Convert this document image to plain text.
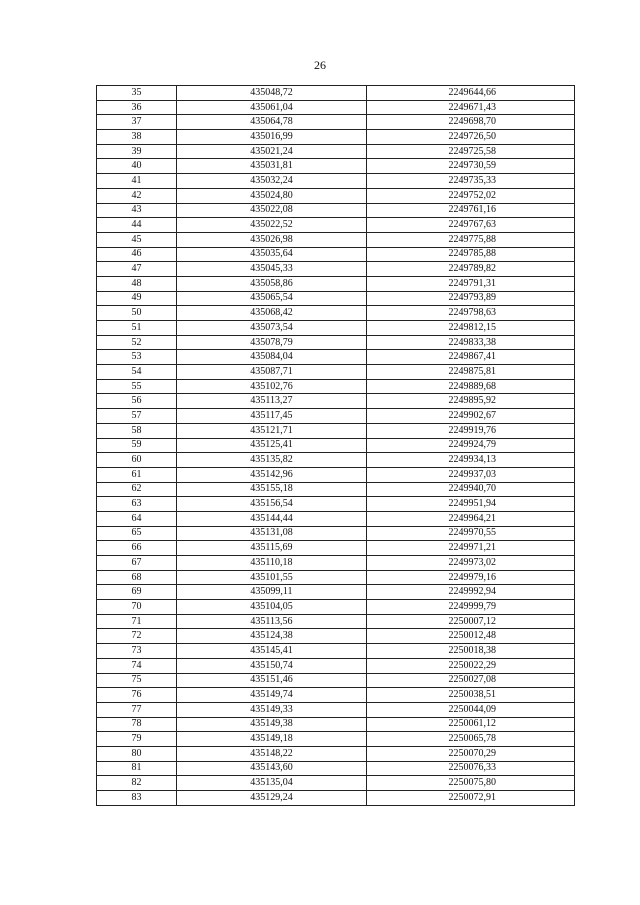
26
35	435048,72	2249644,66
36	435061,04	2249671,43
37	435064,78	2249698,70
38	435016,99	2249726,50
39	435021,24	2249725,58
40	435031,81	2249730,59
41	435032,24	2249735,33
42	435024,80	2249752,02
43	435022,08	2249761,16
44	435022,52	2249767,63
45	435026,98	2249775,88
46	435035,64	2249785,88
47	435045,33	2249789,82
48	435058,86	2249791,31
49	435065,54	2249793,89
50	435068,42	2249798,63
51	435073,54	2249812,15
52	435078,79	2249833,38
53	435084,04	2249867,41
54	435087,71	2249875,81
55	435102,76	2249889,68
56	435113,27	2249895,92
57	435117,45	2249902,67
58	435121,71	2249919,76
59	435125,41	2249924,79
60	435135,82	2249934,13
61	435142,96	2249937,03
62	435155,18	2249940,70
63	435156,54	2249951,94
64	435144,44	2249964,21
65	435131,08	2249970,55
66	435115,69	2249971,21
67	435110,18	2249973,02
68	435101,55	2249979,16
69	435099,11	2249992,94
70	435104,05	2249999,79
71	435113,56	2250007,12
72	435124,38	2250012,48
73	435145,41	2250018,38
74	435150,74	2250022,29
75	435151,46	2250027,08
76	435149,74	2250038,51
77	435149,33	2250044,09
78	435149,38	2250061,12
79	435149,18	2250065,78
80	435148,22	2250070,29
81	435143,60	2250076,33
82	435135,04	2250075,80
83	435129,24	2250072,91
